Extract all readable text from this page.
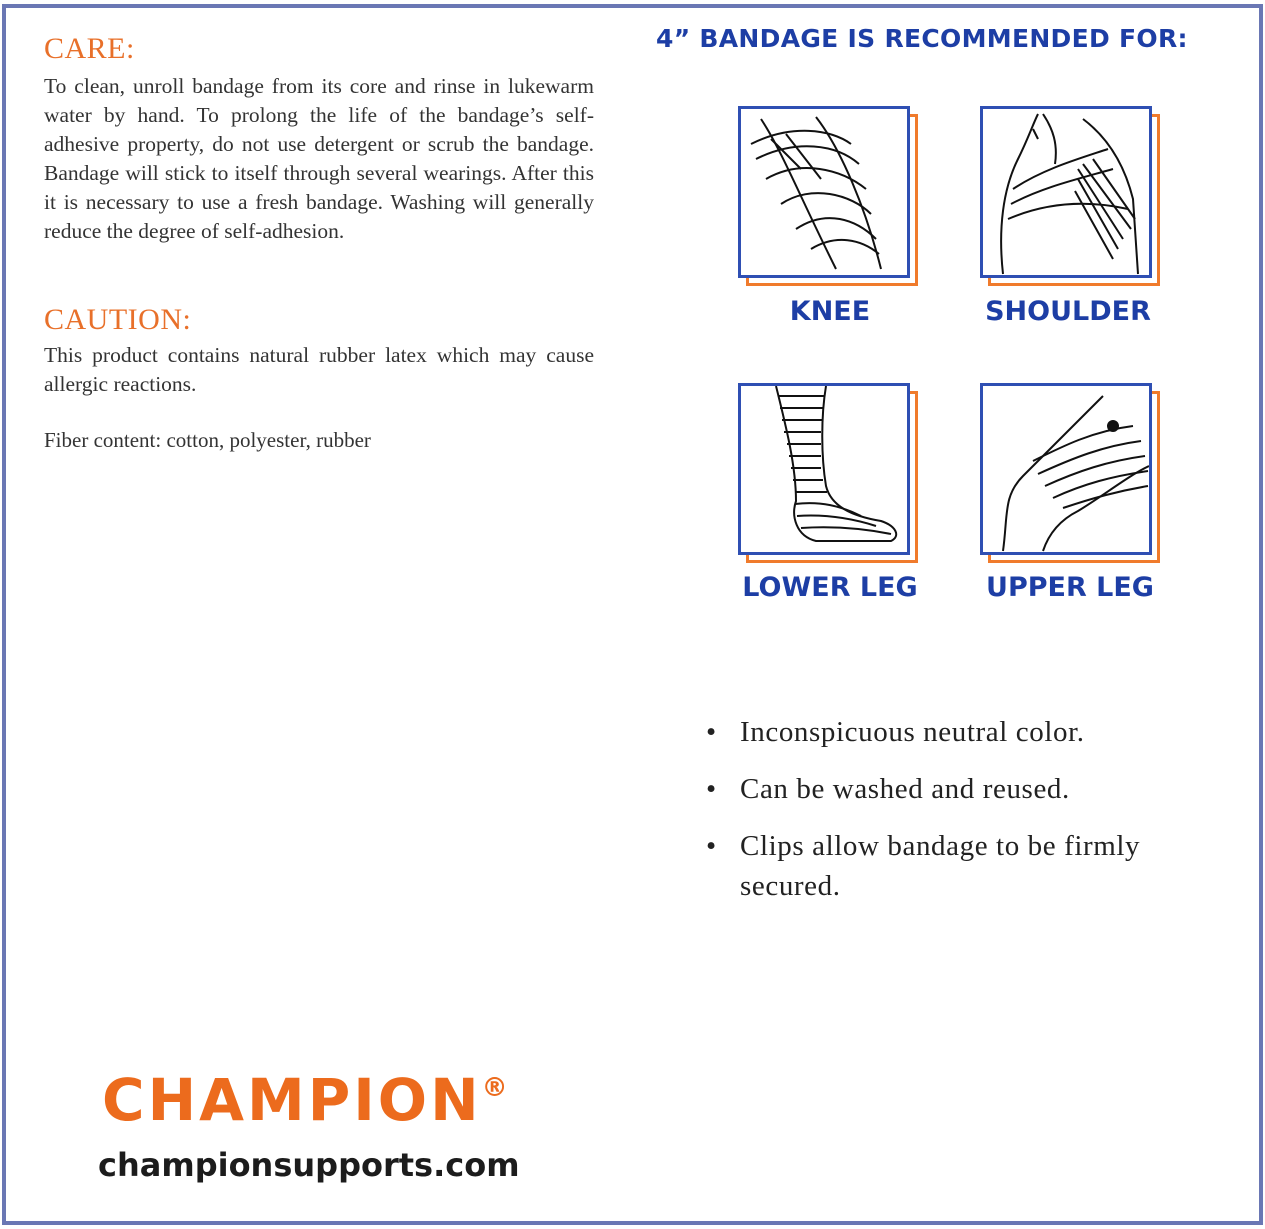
CARE:
To clean, unroll bandage from its core and rinse in lukewarm water by hand. To prolong the life of the bandage’s self-adhesive property, do not use detergent or scrub the bandage. Bandage will stick to itself through several wearings. After this it is necessary to use a fresh bandage. Washing will generally reduce the degree of self-adhesion.
CAUTION:
This product contains natural rubber latex which may cause allergic reactions.
Fiber content: cotton, polyester, rubber
4” BANDAGE IS RECOMMENDED FOR:
KNEE	SHOULDER
LOWER LEG	UPPER LEG
• Inconspicuous neutral color.
• Can be washed and reused.
• Clips allow bandage to be firmly secured.
CHAMPION®
championsupports.com
